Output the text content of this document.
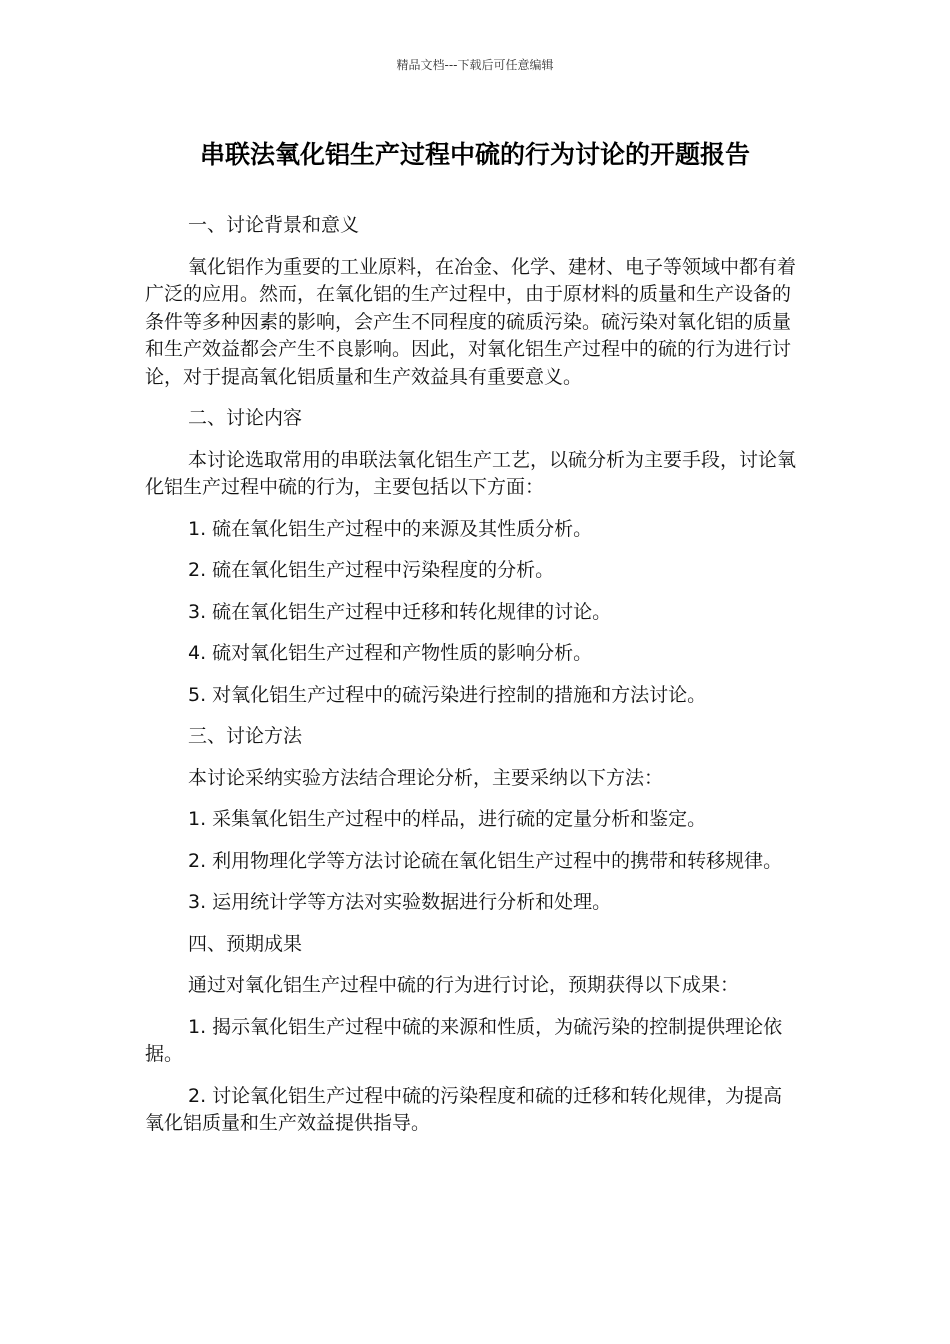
精品文档---下载后可任意编辑
串联法氧化铝生产过程中硫的行为讨论的开题报告

一、讨论背景和意义

氧化铝作为重要的工业原料，在冶金、化学、建材、电子等领域中都有着广泛的应用。然而，在氧化铝的生产过程中，由于原材料的质量和生产设备的条件等多种因素的影响，会产生不同程度的硫质污染。硫污染对氧化铝的质量和生产效益都会产生不良影响。因此，对氧化铝生产过程中的硫的行为进行讨论，对于提高氧化铝质量和生产效益具有重要意义。

二、讨论内容

本讨论选取常用的串联法氧化铝生产工艺，以硫分析为主要手段，讨论氧化铝生产过程中硫的行为，主要包括以下方面：

1. 硫在氧化铝生产过程中的来源及其性质分析。

2. 硫在氧化铝生产过程中污染程度的分析。

3. 硫在氧化铝生产过程中迁移和转化规律的讨论。

4. 硫对氧化铝生产过程和产物性质的影响分析。

5. 对氧化铝生产过程中的硫污染进行控制的措施和方法讨论。

三、讨论方法

本讨论采纳实验方法结合理论分析，主要采纳以下方法：

1. 采集氧化铝生产过程中的样品，进行硫的定量分析和鉴定。

2. 利用物理化学等方法讨论硫在氧化铝生产过程中的携带和转移规律。

3. 运用统计学等方法对实验数据进行分析和处理。

四、预期成果

通过对氧化铝生产过程中硫的行为进行讨论，预期获得以下成果：

1. 揭示氧化铝生产过程中硫的来源和性质，为硫污染的控制提供理论依据。

2. 讨论氧化铝生产过程中硫的污染程度和硫的迁移和转化规律，为提高氧化铝质量和生产效益提供指导。
